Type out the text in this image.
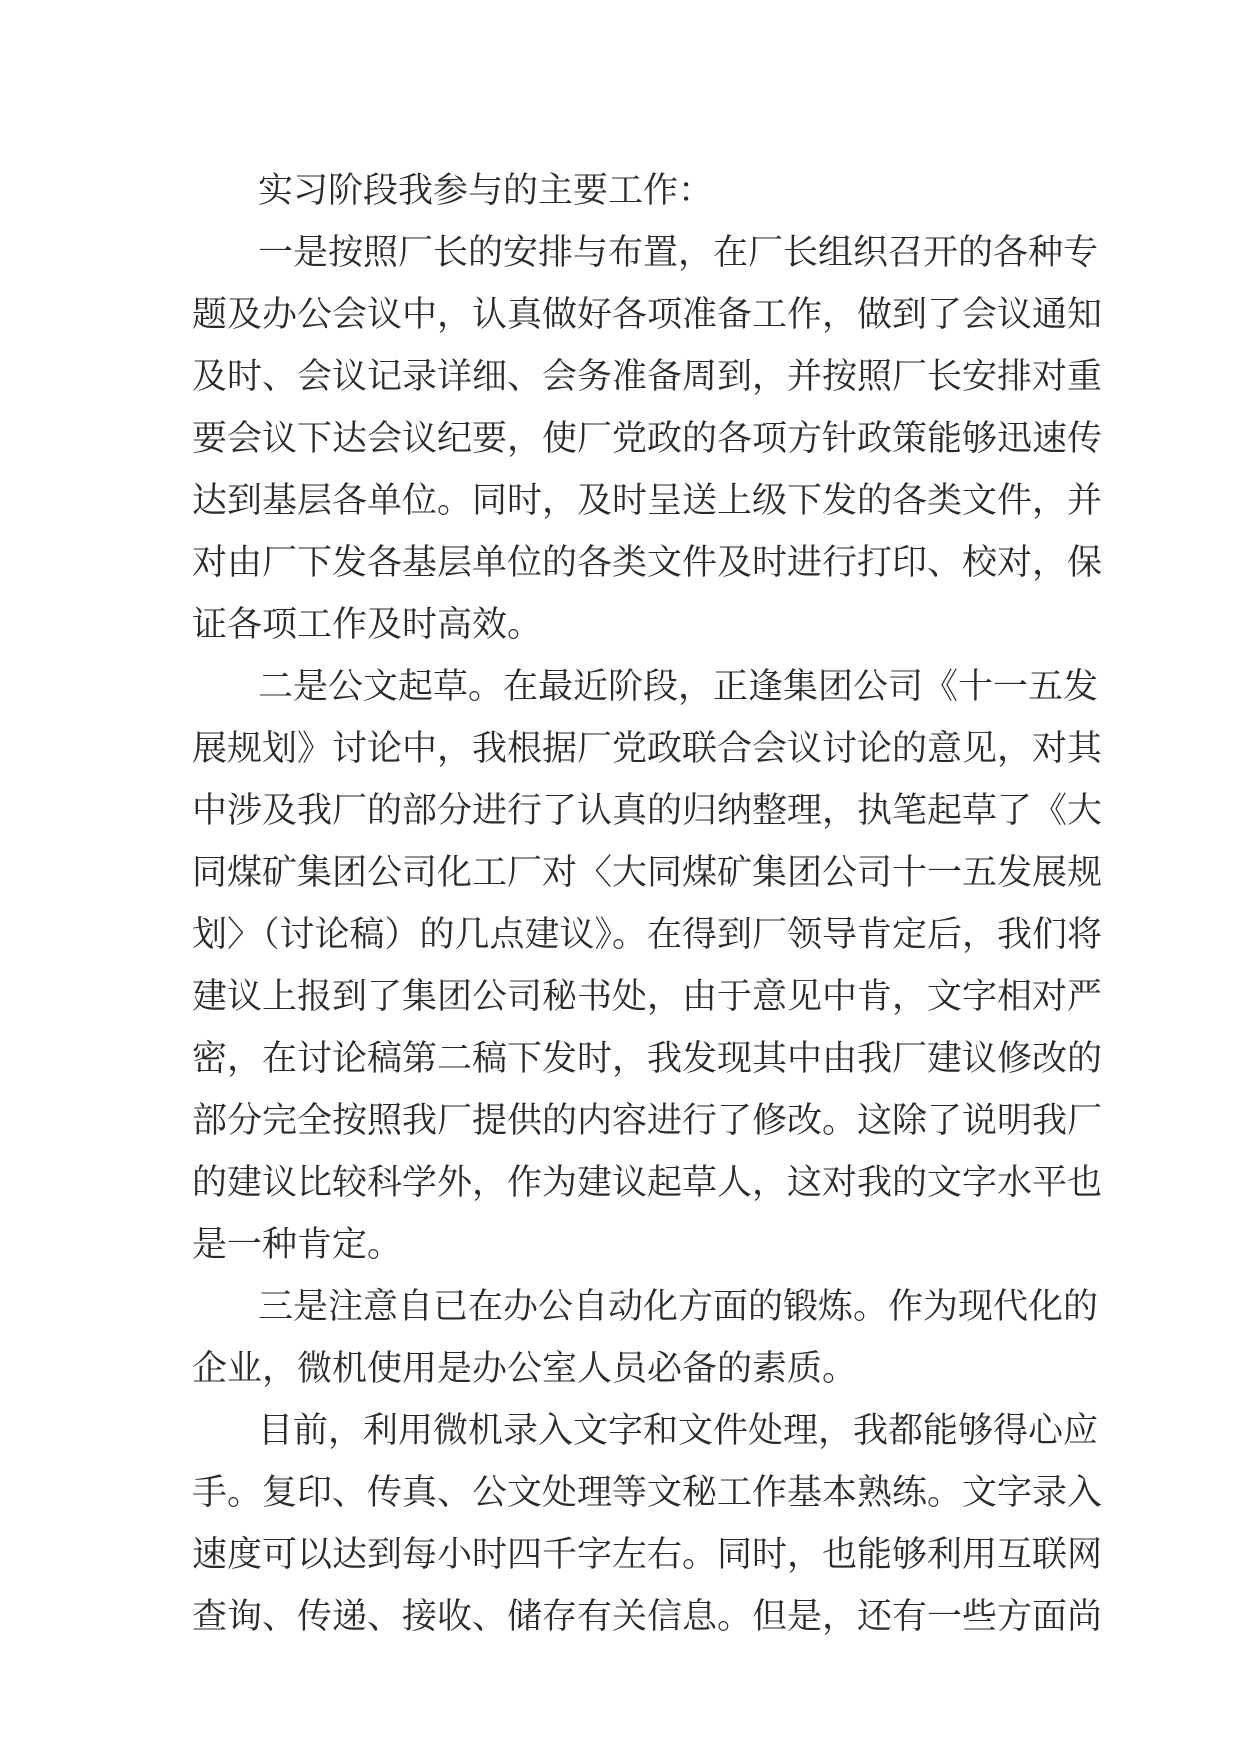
实习阶段我参与的主要工作：
一是按照厂长的安排与布置，在厂长组织召开的各种专
题及办公会议中，认真做好各项准备工作，做到了会议通知
及时、会议记录详细、会务准备周到，并按照厂长安排对重
要会议下达会议纪要，使厂党政的各项方针政策能够迅速传
达到基层各单位。同时，及时呈送上级下发的各类文件，并
对由厂下发各基层单位的各类文件及时进行打印、校对，保
证各项工作及时高效。
二是公文起草。在最近阶段，正逢集团公司《十一五发
展规划》讨论中，我根据厂党政联合会议讨论的意见，对其
中涉及我厂的部分进行了认真的归纳整理，执笔起草了《大
同煤矿集团公司化工厂对〈大同煤矿集团公司十一五发展规
划〉（讨论稿）的几点建议》。在得到厂领导肯定后，我们将
建议上报到了集团公司秘书处，由于意见中肯，文字相对严
密，在讨论稿第二稿下发时，我发现其中由我厂建议修改的
部分完全按照我厂提供的内容进行了修改。这除了说明我厂
的建议比较科学外，作为建议起草人，这对我的文字水平也
是一种肯定。
三是注意自已在办公自动化方面的锻炼。作为现代化的
企业，微机使用是办公室人员必备的素质。
目前，利用微机录入文字和文件处理，我都能够得心应
手。复印、传真、公文处理等文秘工作基本熟练。文字录入
速度可以达到每小时四千字左右。同时，也能够利用互联网
查询、传递、接收、储存有关信息。但是，还有一些方面尚
